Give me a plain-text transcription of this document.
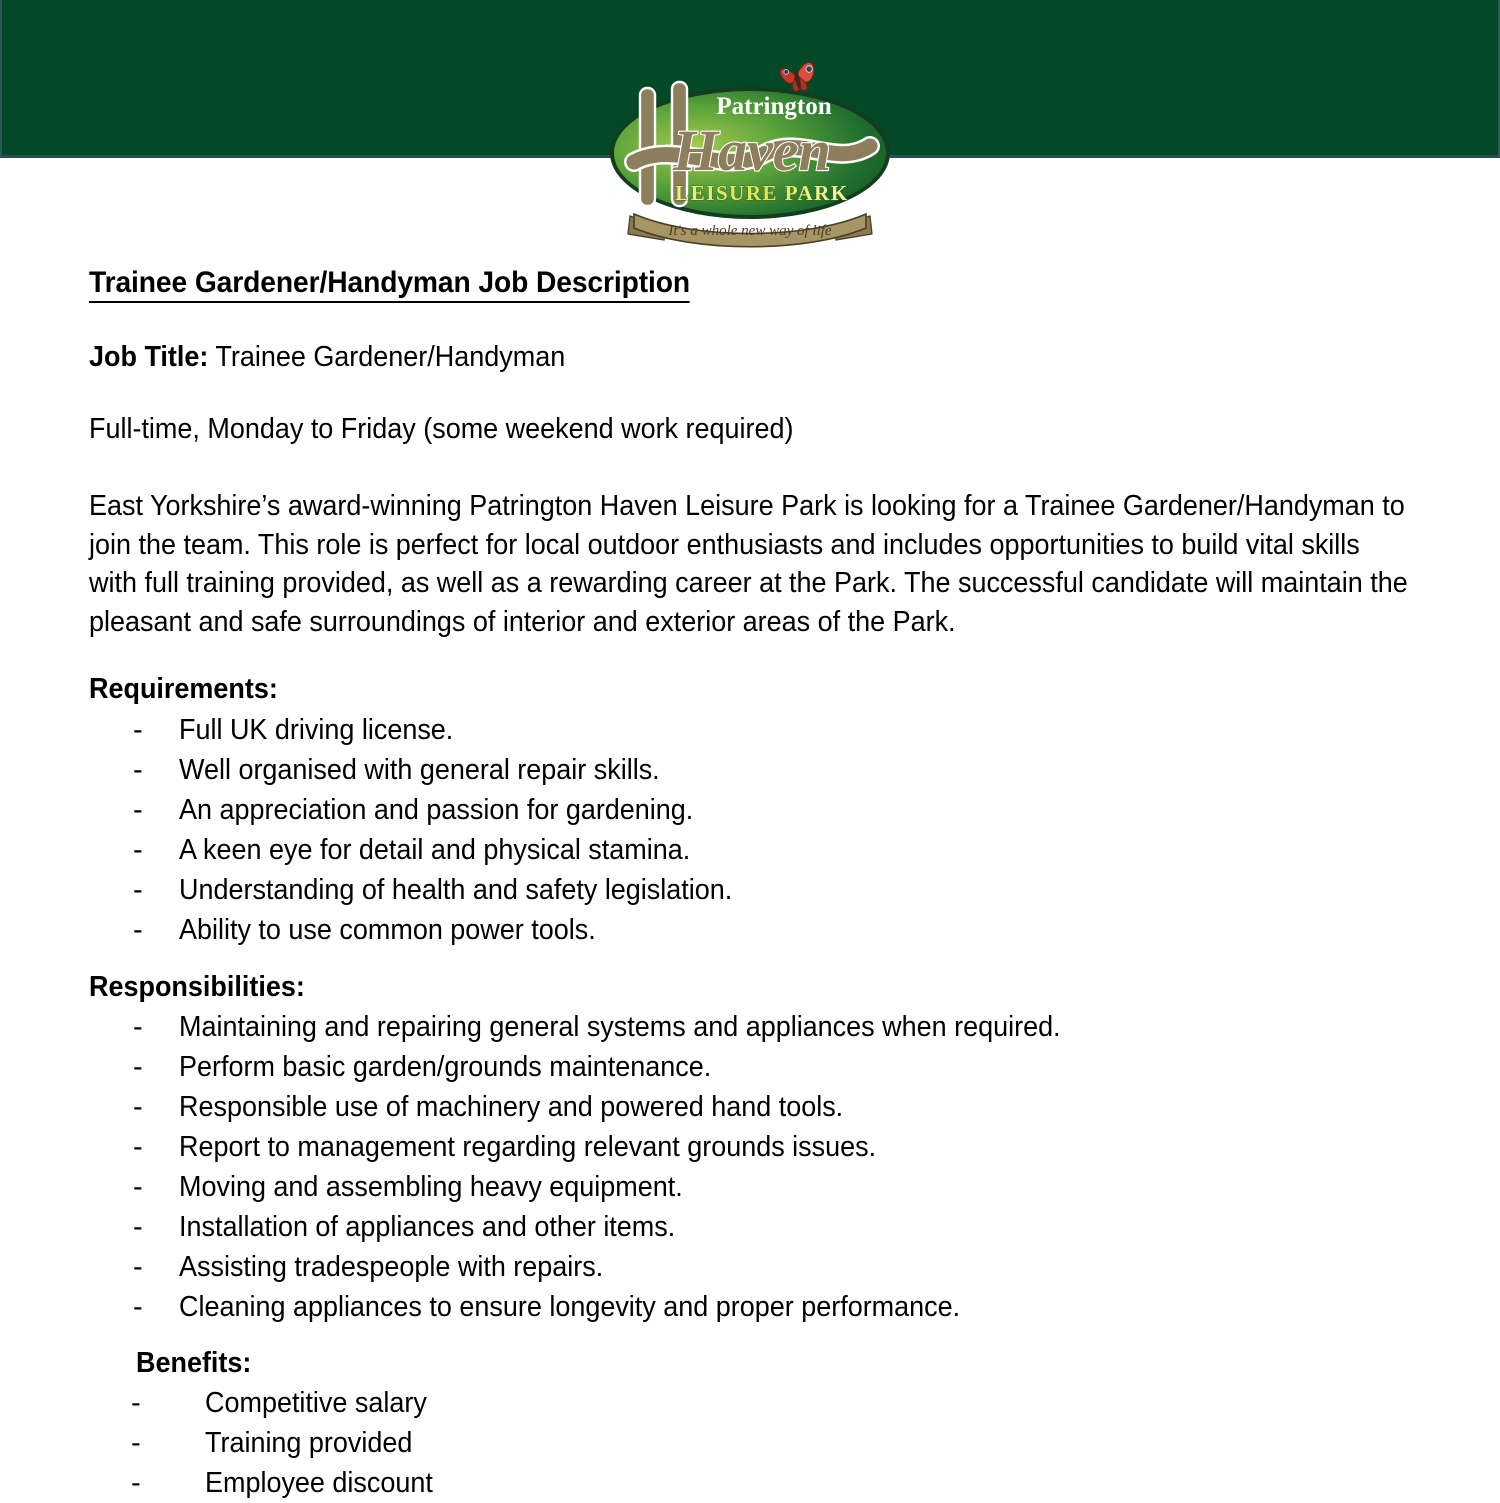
Haven
Patrington
LEISURE PARK
It's a whole new way of life
Trainee Gardener/Handyman Job Description
Job Title: Trainee Gardener/Handyman
Full-time, Monday to Friday (some weekend work required)
East Yorkshire’s award-winning Patrington Haven Leisure Park is looking for a Trainee Gardener/Handyman to join the team. This role is perfect for local outdoor enthusiasts and includes opportunities to build vital skills with full training provided, as well as a rewarding career at the Park. The successful candidate will maintain the pleasant and safe surroundings of interior and exterior areas of the Park.
Requirements:
-	Full UK driving license.
-	Well organised with general repair skills.
-	An appreciation and passion for gardening.
-	A keen eye for detail and physical stamina.
-	Understanding of health and safety legislation.
-	Ability to use common power tools.
Responsibilities:
-	Maintaining and repairing general systems and appliances when required.
-	Perform basic garden/grounds maintenance.
-	Responsible use of machinery and powered hand tools.
-	Report to management regarding relevant grounds issues.
-	Moving and assembling heavy equipment.
-	Installation of appliances and other items.
-	Assisting tradespeople with repairs.
-	Cleaning appliances to ensure longevity and proper performance.
Benefits:
-	Competitive salary
-	Training provided
-	Employee discount
